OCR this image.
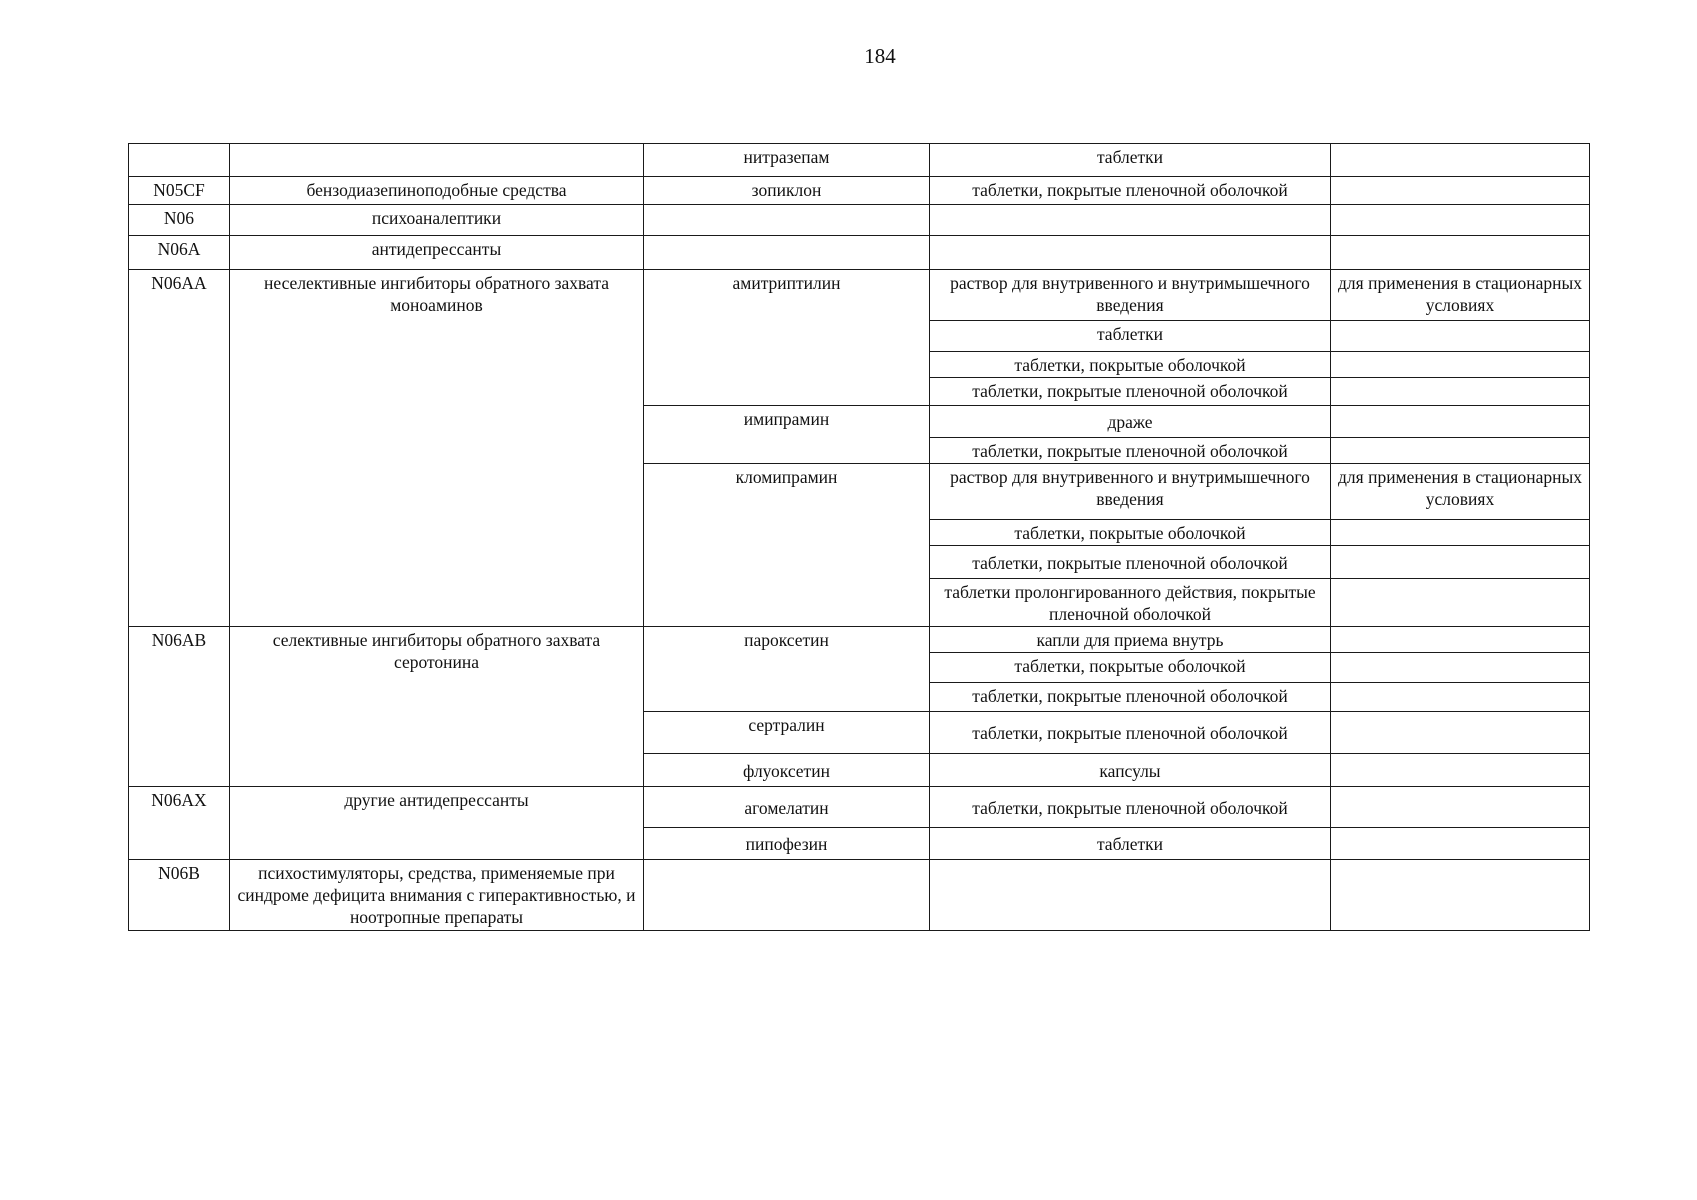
184
		нитразепам	таблетки	
N05CF	бензодиазепиноподобные средства	зопиклон	таблетки, покрытые пленочной оболочкой	
N06	психоаналептики			
N06A	антидепрессанты			
N06AA	неселективные ингибиторы обратного захвата моноаминов	амитриптилин	раствор для внутривенного и внутримышечного введения	для применения в стационарных условиях
			таблетки	
			таблетки, покрытые оболочкой	
			таблетки, покрытые пленочной оболочкой	
		имипрамин	драже	
			таблетки, покрытые пленочной оболочкой	
		кломипрамин	раствор для внутривенного и внутримышечного введения	для применения в стационарных условиях
			таблетки, покрытые оболочкой	
			таблетки, покрытые пленочной оболочкой	
			таблетки пролонгированного действия, покрытые пленочной оболочкой	
N06AB	селективные ингибиторы обратного захвата серотонина	пароксетин	капли для приема внутрь	
			таблетки, покрытые оболочкой	
			таблетки, покрытые пленочной оболочкой	
		сертралин	таблетки, покрытые пленочной оболочкой	
		флуоксетин	капсулы	
N06AX	другие антидепрессанты	агомелатин	таблетки, покрытые пленочной оболочкой	
		пипофезин	таблетки	
N06B	психостимуляторы, средства, применяемые при синдроме дефицита внимания с гиперактивностью, и ноотропные препараты			
